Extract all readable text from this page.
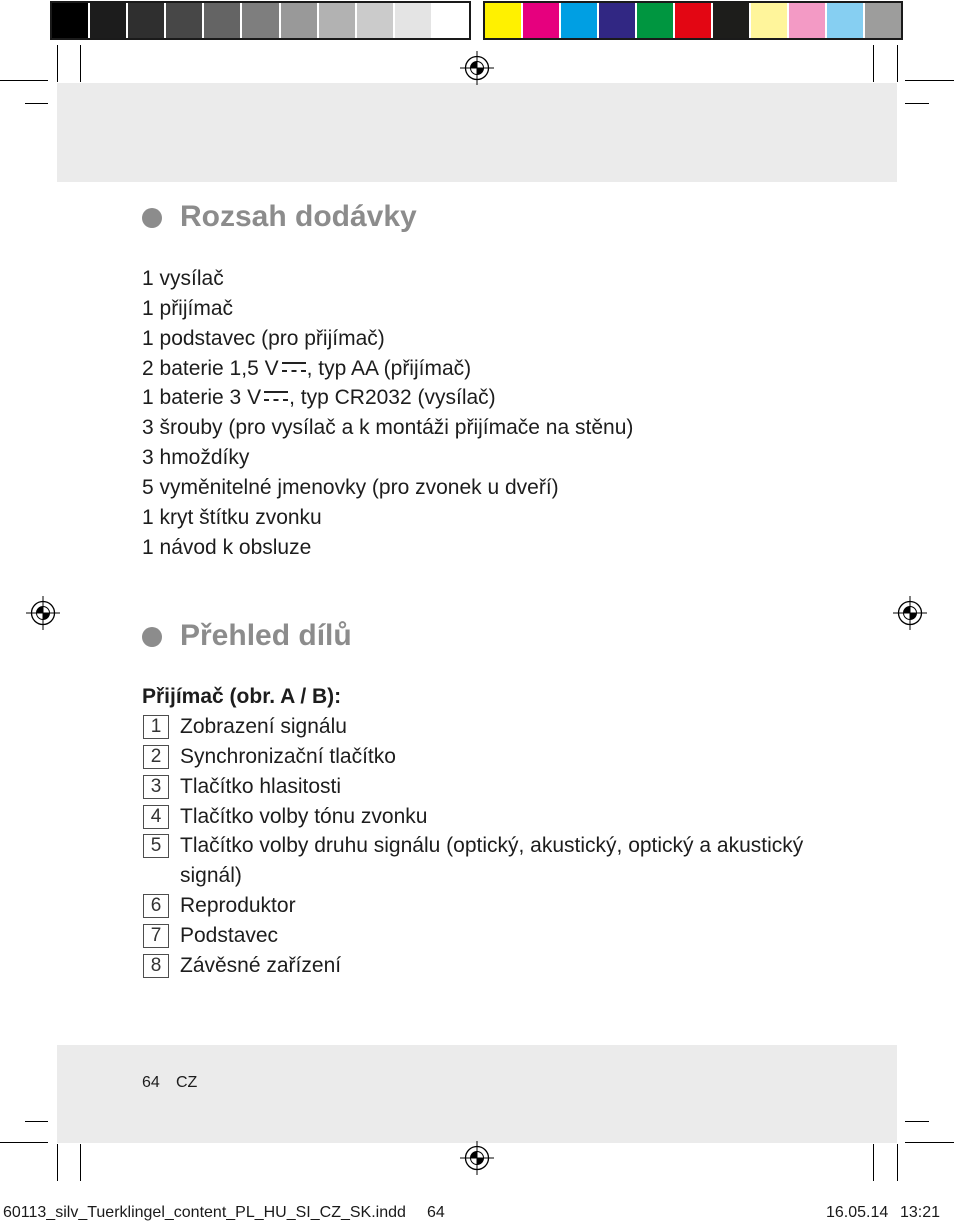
Rozsah dodávky
1 vysílač
1 přijímač
1 podstavec (pro přijímač)
2 baterie 1,5 V , typ AA (přijímač)
1 baterie 3 V , typ CR2032 (vysílač)
3 šrouby (pro vysílač a k montáži přijímače na stěnu)
3 hmoždíky
5 vyměnitelné jmenovky (pro zvonek u dveří)
1 kryt štítku zvonku
1 návod k obsluze
Přehled dílů
Přijímač (obr. A / B):
1 Zobrazení signálu
2 Synchronizační tlačítko
3 Tlačítko hlasitosti
4 Tlačítko volby tónu zvonku
5 Tlačítko volby druhu signálu (optický, akustický, optický a akustický signál)
6 Reproduktor
7 Podstavec
8 Závěsné zařízení
64 CZ
60113_silv_Tuerklingel_content_PL_HU_SI_CZ_SK.indd 64	16.05.14 13:21
